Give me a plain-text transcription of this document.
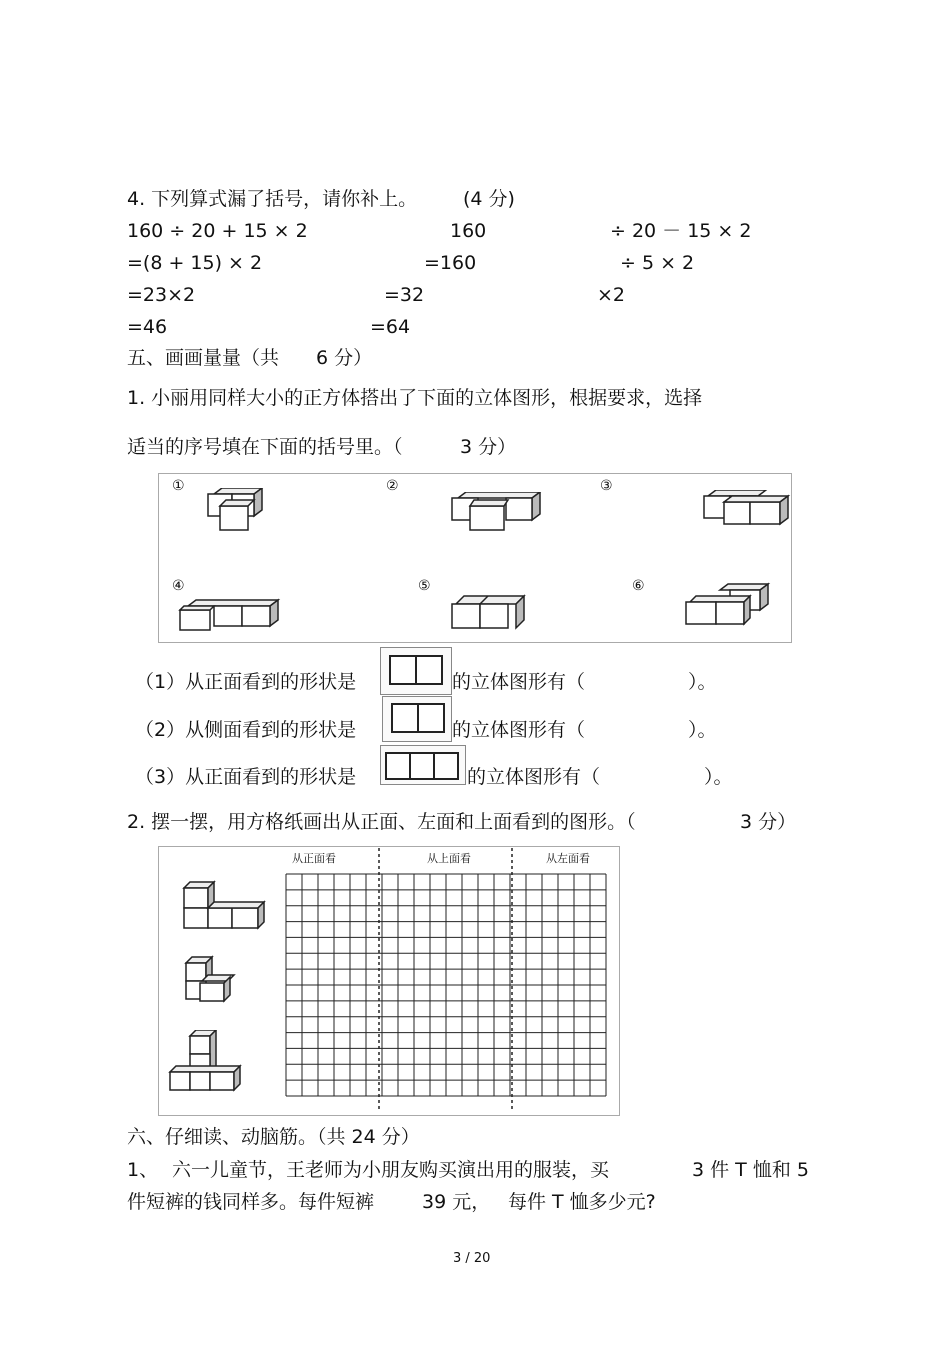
4. 下列算式漏了括号，请你补上。 (4 分)
160 ÷ 20 + 15 × 2
=(8 + 15) × 2
=23×2
=46
160	÷ 20 － 15 × 2
=160	÷ 5 × 2
=32	×2
=64
五、画画量量（共 6 分）
1. 小丽用同样大小的正方体搭出了下面的立体图形，根据要求，选择
适当的序号填在下面的括号里。（	3 分）
①	②	③
④	⑤	⑥
（1）从正面看到的形状是	的立体图形有（	）。
（2）从侧面看到的形状是	的立体图形有（	）。
（3）从正面看到的形状是	的立体图形有（	）。
2. 摆一摆，用方格纸画出从正面、左面和上面看到的图形。（	3 分）
从正面看	从上面看	从左面看
六、仔细读、动脑筋。（共 24 分）
1、 六一儿童节，王老师为小朋友购买演出用的服装，买	3 件 T 恤和 5
件短裤的钱同样多。每件短裤	39 元， 每件 T 恤多少元?
3 / 20
